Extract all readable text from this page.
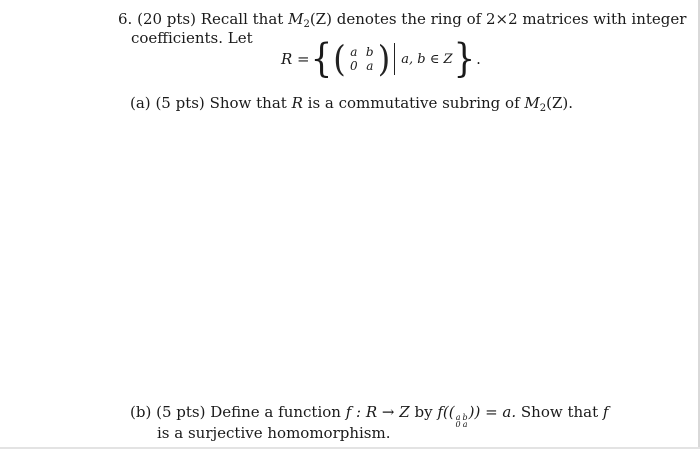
6. (20 pts) Recall that $M_2(Z)$ denotes the ring of 2×2 matrices with integer
coefficients. Let
R = { ( a b
0 a ) a, b ∈ Z } .
(a) (5 pts) Show that R is a commutative subring of $M_2(Z)$.
(b) (5 pts) Define a function f : R → Z by f(( a b
0 a
)) = a. Show that f
is a surjective homomorphism.
